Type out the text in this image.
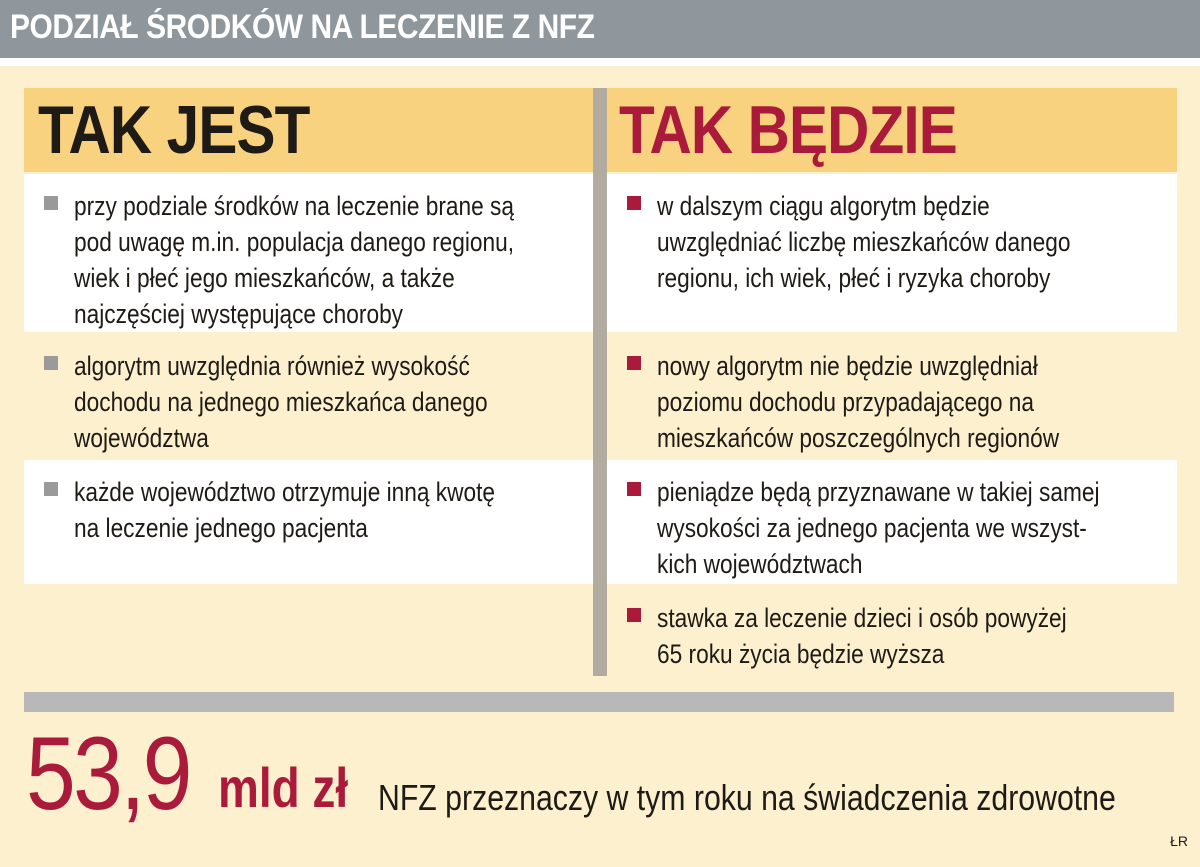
PODZIAŁ ŚRODKÓW NA LECZENIE Z NFZ
TAK JEST	TAK BĘDZIE
przy podziale środków na leczenie brane są
pod uwagę m.in. populacja danego regionu,
wiek i płeć jego mieszkańców, a także
najczęściej występujące choroby
algorytm uwzględnia również wysokość
dochodu na jednego mieszkańca danego
województwa
każde województwo otrzymuje inną kwotę
na leczenie jednego pacjenta
w dalszym ciągu algorytm będzie
uwzględniać liczbę mieszkańców danego
regionu, ich wiek, płeć i ryzyka choroby
nowy algorytm nie będzie uwzględniał
poziomu dochodu przypadającego na
mieszkańców poszczególnych regionów
pieniądze będą przyznawane w takiej samej
wysokości za jednego pacjenta we wszyst-
kich województwach
stawka za leczenie dzieci i osób powyżej
65 roku życia będzie wyższa
53,9 mld zł NFZ przeznaczy w tym roku na świadczenia zdrowotne
ŁR
